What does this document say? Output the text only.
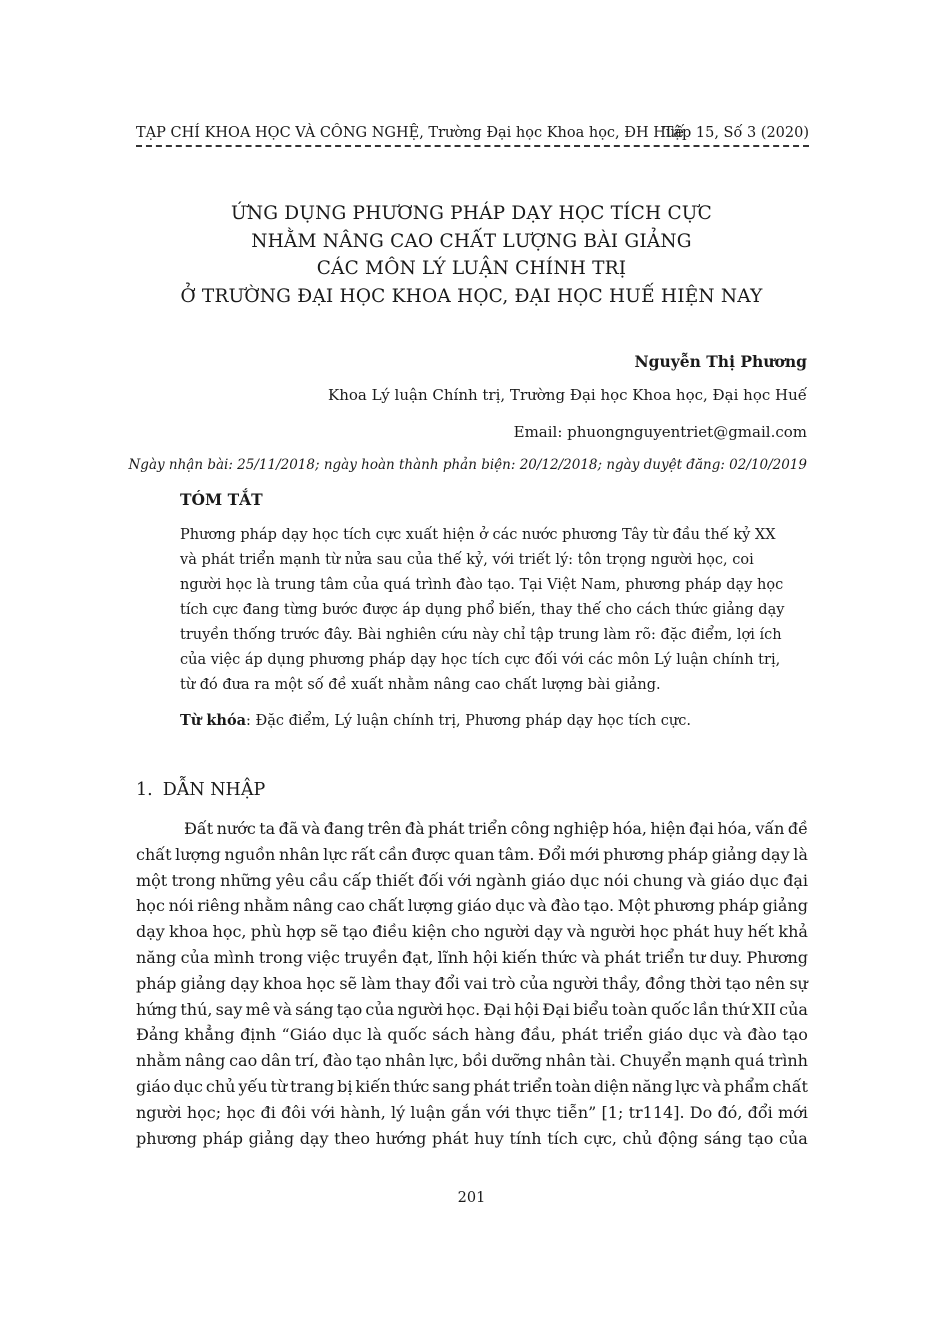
TẠP CHÍ KHOA HỌC VÀ CÔNG NGHỆ, Trường Đại học Khoa học, ĐH Huế
Tập 15, Số 3 (2020)
ỨNG DỤNG PHƯƠNG PHÁP DẠY HỌC TÍCH CỰC
NHẰM NÂNG CAO CHẤT LƯỢNG BÀI GIẢNG
CÁC MÔN LÝ LUẬN CHÍNH TRỊ
Ở TRƯỜNG ĐẠI HỌC KHOA HỌC, ĐẠI HỌC HUẾ HIỆN NAY
Nguyễn Thị Phương
Khoa Lý luận Chính trị, Trường Đại học Khoa học, Đại học Huế
Email: phuongnguyentriet@gmail.com
Ngày nhận bài: 25/11/2018; ngày hoàn thành phản biện: 20/12/2018; ngày duyệt đăng: 02/10/2019
TÓM TẮT
Phương pháp dạy học tích cực xuất hiện ở các nước phương Tây từ đầu thế kỷ XX
và phát triển mạnh từ nửa sau của thế kỷ, với triết lý: tôn trọng người học, coi
người học là trung tâm của quá trình đào tạo. Tại Việt Nam, phương pháp dạy học
tích cực đang từng bước được áp dụng phổ biến, thay thế cho cách thức giảng dạy
truyền thống trước đây. Bài nghiên cứu này chỉ tập trung làm rõ: đặc điểm, lợi ích
của việc áp dụng phương pháp dạy học tích cực đối với các môn Lý luận chính trị,
từ đó đưa ra một số đề xuất nhằm nâng cao chất lượng bài giảng.
Từ khóa: Đặc điểm, Lý luận chính trị, Phương pháp dạy học tích cực.
1. DẪN NHẬP
Đất nước ta đã và đang trên đà phát triển công nghiệp hóa, hiện đại hóa, vấn đề
chất lượng nguồn nhân lực rất cần được quan tâm. Đổi mới phương pháp giảng dạy là
một trong những yêu cầu cấp thiết đối với ngành giáo dục nói chung và giáo dục đại
học nói riêng nhằm nâng cao chất lượng giáo dục và đào tạo. Một phương pháp giảng
dạy khoa học, phù hợp sẽ tạo điều kiện cho người dạy và người học phát huy hết khả
năng của mình trong việc truyền đạt, lĩnh hội kiến thức và phát triển tư duy. Phương
pháp giảng dạy khoa học sẽ làm thay đổi vai trò của người thầy, đồng thời tạo nên sự
hứng thú, say mê và sáng tạo của người học. Đại hội Đại biểu toàn quốc lần thứ XII của
Đảng khẳng định “Giáo dục là quốc sách hàng đầu, phát triển giáo dục và đào tạo
nhằm nâng cao dân trí, đào tạo nhân lực, bồi dưỡng nhân tài. Chuyển mạnh quá trình
giáo dục chủ yếu từ trang bị kiến thức sang phát triển toàn diện năng lực và phẩm chất
người học; học đi đôi với hành, lý luận gắn với thực tiễn” [1; tr114]. Do đó, đổi mới
phương pháp giảng dạy theo hướng phát huy tính tích cực, chủ động sáng tạo của
201
